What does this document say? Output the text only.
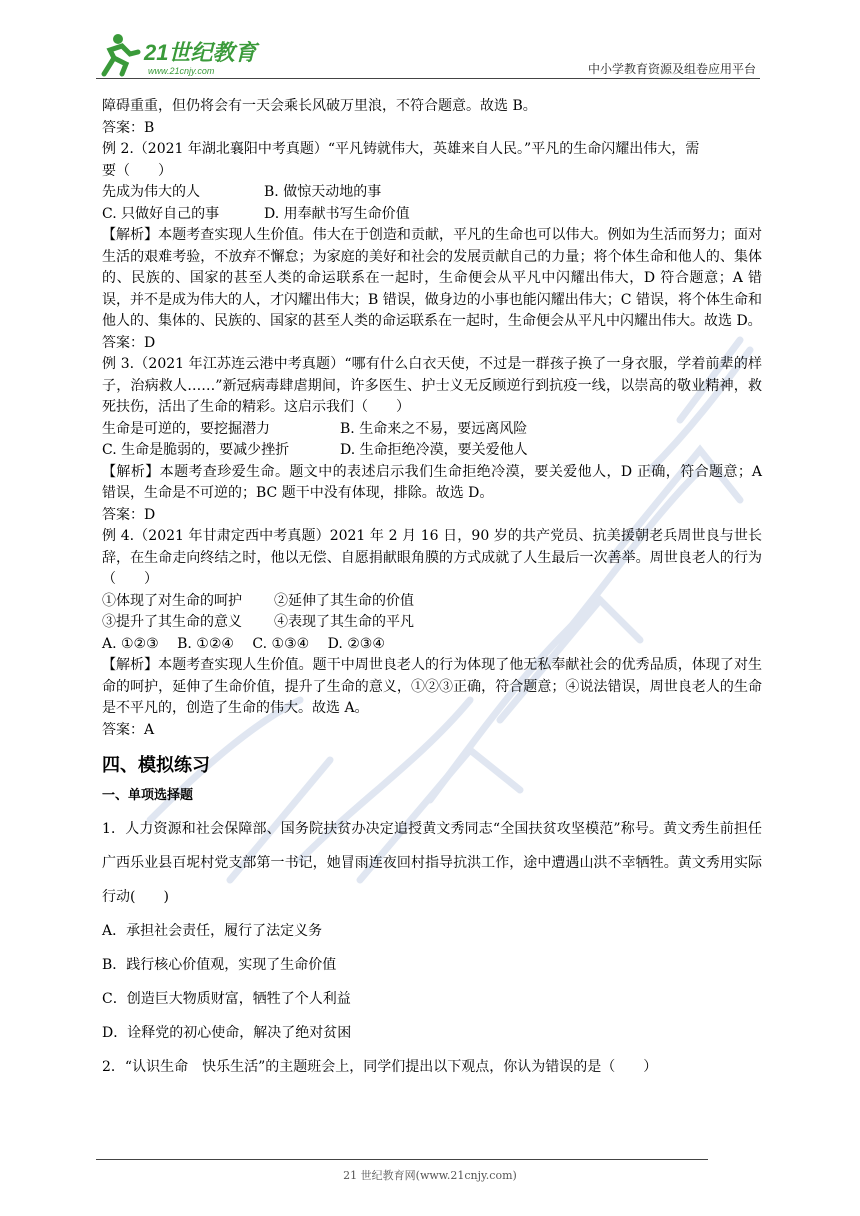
21世纪教育
www.21cnjy.com	中小学教育资源及组卷应用平台

障碍重重，但仍将会有一天会乘长风破万里浪，不符合题意。故选 B。

答案：B

例 2.（2021 年湖北襄阳中考真题）“平凡铸就伟大，英雄来自人民。”平凡的生命闪耀出伟大，需

要（　　）

先成为伟大的人	B. 做惊天动地的事
C. 只做好自己的事	D. 用奉献书写生命价值

【解析】本题考查实现人生价值。伟大在于创造和贡献，平凡的生命也可以伟大。例如为生活而努力；面对生活的艰难考验，不放弃不懈怠；为家庭的美好和社会的发展贡献自己的力量；将个体生命和他人的、集体的、民族的、国家的甚至人类的命运联系在一起时，生命便会从平凡中闪耀出伟大，D 符合题意；A 错误，并不是成为伟大的人，才闪耀出伟大；B 错误，做身边的小事也能闪耀出伟大；C 错误，将个体生命和他人的、集体的、民族的、国家的甚至人类的命运联系在一起时，生命便会从平凡中闪耀出伟大。故选 D。

答案：D

例 3.（2021 年江苏连云港中考真题）“哪有什么白衣天使，不过是一群孩子换了一身衣服，学着前辈的样子，治病救人……”新冠病毒肆虐期间，许多医生、护士义无反顾逆行到抗疫一线，以崇高的敬业精神，救死扶伤，活出了生命的精彩。这启示我们（　　）

生命是可逆的，要挖掘潜力	B. 生命来之不易，要远离风险
C. 生命是脆弱的，要减少挫折	D. 生命拒绝冷漠，要关爱他人

【解析】本题考查珍爱生命。题文中的表述启示我们生命拒绝冷漠，要关爱他人，D 正确，符合题意；A 错误，生命是不可逆的；BC 题干中没有体现，排除。故选 D。

答案：D

例 4.（2021 年甘肃定西中考真题）2021 年 2 月 16 日，90 岁的共产党员、抗美援朝老兵周世良与世长辞，在生命走向终结之时，他以无偿、自愿捐献眼角膜的方式成就了人生最后一次善举。周世良老人的行为（　　）

①体现了对生命的呵护	②延伸了其生命的价值
③提升了其生命的意义	④表现了其生命的平凡

A. ①②③　 B. ①②④　 C. ①③④　 D. ②③④

【解析】本题考查实现人生价值。题干中周世良老人的行为体现了他无私奉献社会的优秀品质，体现了对生命的呵护，延伸了生命价值，提升了生命的意义，①②③正确，符合题意；④说法错误，周世良老人的生命是不平凡的，创造了生命的伟大。故选 A。

答案：A

四、模拟练习
一、单项选择题

1．人力资源和社会保障部、国务院扶贫办决定追授黄文秀同志“全国扶贫攻坚模范”称号。黄文秀生前担任广西乐业县百坭村党支部第一书记，她冒雨连夜回村指导抗洪工作，途中遭遇山洪不幸牺牲。黄文秀用实际行动(　　)

A．承担社会责任，履行了法定义务

B．践行核心价值观，实现了生命价值

C．创造巨大物质财富，牺牲了个人利益

D．诠释党的初心使命，解决了绝对贫困

2．“认识生命　快乐生活”的主题班会上，同学们提出以下观点，你认为错误的是（　　）

21 世纪教育网(www.21cnjy.com)
